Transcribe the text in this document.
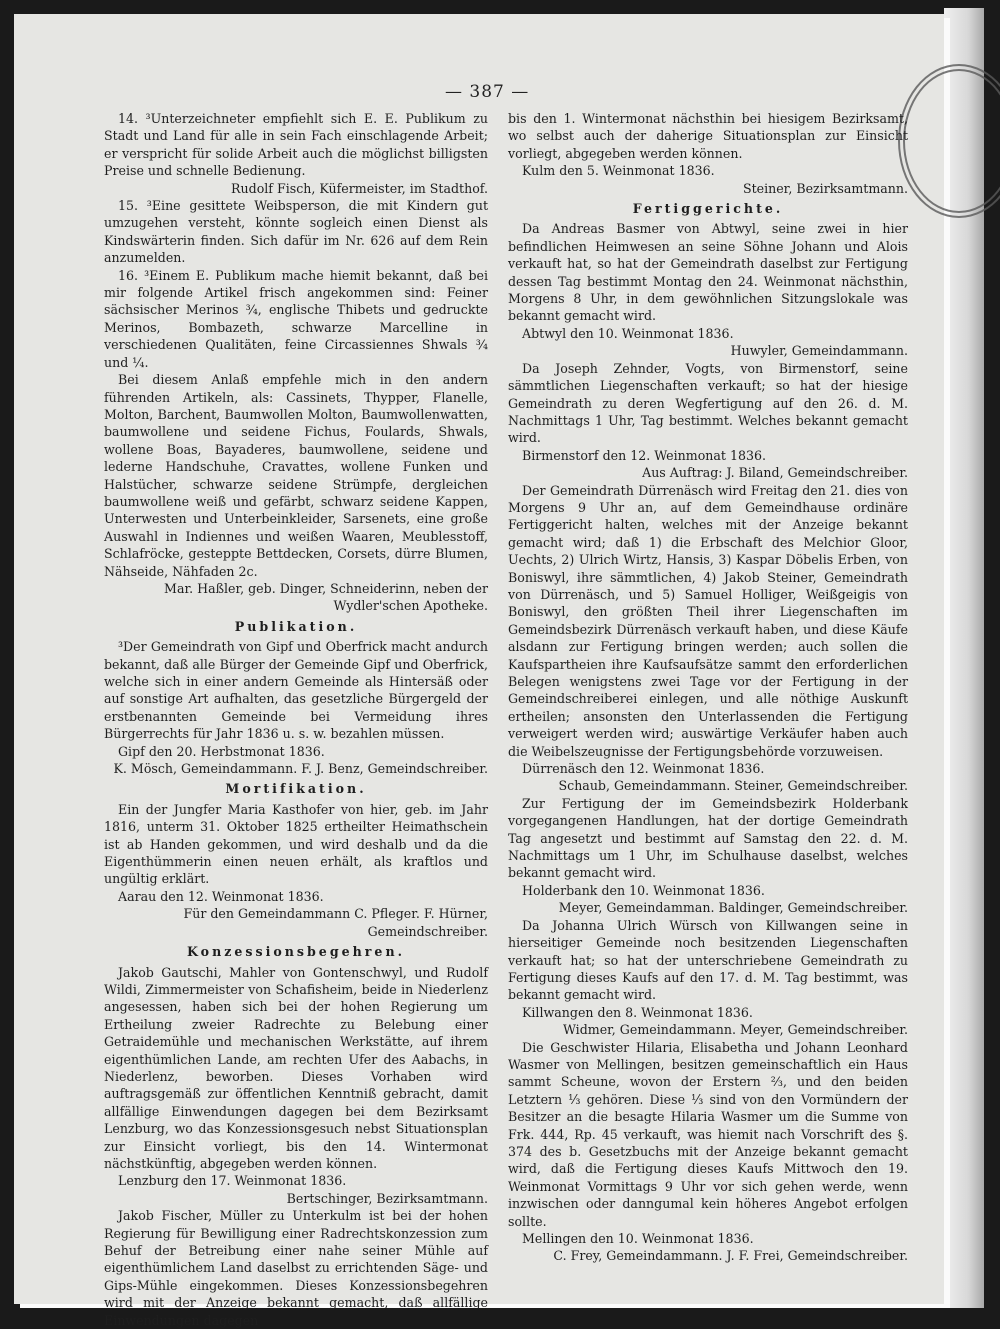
— 387 —

14. ³Unterzeichneter empfiehlt sich E. E. Publikum zu Stadt und Land für alle in sein Fach einschlagende Arbeit; er verspricht für solide Arbeit auch die möglichst billigsten Preise und schnelle Bedienung.

Rudolf Fisch, Küfermeister, im Stadthof.

15. ³Eine gesittete Weibsperson, die mit Kindern gut umzugehen versteht, könnte sogleich einen Dienst als Kindswärterin finden. Sich dafür im Nr. 626 auf dem Rein anzumelden.

16. ³Einem E. Publikum mache hiemit bekannt, daß bei mir folgende Artikel frisch angekommen sind: Feiner sächsischer Merinos ¾, englische Thibets und gedruckte Merinos, Bombazeth, schwarze Marcelline in verschiedenen Qualitäten, feine Circassiennes Shwals ¾ und ¼.

Bei diesem Anlaß empfehle mich in den andern führenden Artikeln, als: Cassinets, Thypper, Flanelle, Molton, Barchent, Baumwollen Molton, Baumwollenwatten, baumwollene und seidene Fichus, Foulards, Shwals, wollene Boas, Bayaderes, baumwollene, seidene und lederne Handschuhe, Cravattes, wollene Funken und Halstücher, schwarze seidene Strümpfe, dergleichen baumwollene weiß und gefärbt, schwarz seidene Kappen, Unterwesten und Unterbeinkleider, Sarsenets, eine große Auswahl in Indiennes und weißen Waaren, Meublesstoff, Schlafröcke, gesteppte Bettdecken, Corsets, dürre Blumen, Nähseide, Nähfaden 2c.

Mar. Haßler, geb. Dinger, Schneiderinn, neben der Wydler'schen Apotheke.

Publikation.

³Der Gemeindrath von Gipf und Oberfrick macht andurch bekannt, daß alle Bürger der Gemeinde Gipf und Oberfrick, welche sich in einer andern Gemeinde als Hintersäß oder auf sonstige Art aufhalten, das gesetzliche Bürgergeld der erstbenannten Gemeinde bei Vermeidung ihres Bürgerrechts für Jahr 1836 u. s. w. bezahlen müssen.

Gipf den 20. Herbstmonat 1836.

K. Mösch, Gemeindammann. F. J. Benz, Gemeindschreiber.

Mortifikation.

Ein der Jungfer Maria Kasthofer von hier, geb. im Jahr 1816, unterm 31. Oktober 1825 ertheilter Heimathschein ist ab Handen gekommen, und wird deshalb und da die Eigenthümmerin einen neuen erhält, als kraftlos und ungültig erklärt.

Aarau den 12. Weinmonat 1836.

Für den Gemeindammann C. Pfleger. F. Hürner, Gemeindschreiber.

Konzessionsbegehren.

Jakob Gautschi, Mahler von Gontenschwyl, und Rudolf Wildi, Zimmermeister von Schafisheim, beide in Niederlenz angesessen, haben sich bei der hohen Regierung um Ertheilung zweier Radrechte zu Belebung einer Getraidemühle und mechanischen Werkstätte, auf ihrem eigenthümlichen Lande, am rechten Ufer des Aabachs, in Niederlenz, beworben. Dieses Vorhaben wird auftragsgemäß zur öffentlichen Kenntniß gebracht, damit allfällige Einwendungen dagegen bei dem Bezirksamt Lenzburg, wo das Konzessionsgesuch nebst Situationsplan zur Einsicht vorliegt, bis den 14. Wintermonat nächstkünftig, abgegeben werden können.

Lenzburg den 17. Weinmonat 1836.

Bertschinger, Bezirksamtmann.

Jakob Fischer, Müller zu Unterkulm ist bei der hohen Regierung für Bewilligung einer Radrechtskonzession zum Behuf der Betreibung einer nahe seiner Mühle auf eigenthümlichem Land daselbst zu errichtenden Säge- und Gips-Mühle eingekommen. Dieses Konzessionsbegehren wird mit der Anzeige bekannt gemacht, daß allfällige Einwendungen dagegen

bis den 1. Wintermonat nächsthin bei hiesigem Bezirksamt, wo selbst auch der daherige Situationsplan zur Einsicht vorliegt, abgegeben werden können.

Kulm den 5. Weinmonat 1836.

Steiner, Bezirksamtmann.

Fertiggerichte.

Da Andreas Basmer von Abtwyl, seine zwei in hier befindlichen Heimwesen an seine Söhne Johann und Alois verkauft hat, so hat der Gemeindrath daselbst zur Fertigung dessen Tag bestimmt Montag den 24. Weinmonat nächsthin, Morgens 8 Uhr, in dem gewöhnlichen Sitzungslokale was bekannt gemacht wird.

Abtwyl den 10. Weinmonat 1836.

Huwyler, Gemeindammann.

Da Joseph Zehnder, Vogts, von Birmenstorf, seine sämmtlichen Liegenschaften verkauft; so hat der hiesige Gemeindrath zu deren Wegfertigung auf den 26. d. M. Nachmittags 1 Uhr, Tag bestimmt. Welches bekannt gemacht wird.

Birmenstorf den 12. Weinmonat 1836.

Aus Auftrag: J. Biland, Gemeindschreiber.

Der Gemeindrath Dürrenäsch wird Freitag den 21. dies von Morgens 9 Uhr an, auf dem Gemeindhause ordinäre Fertiggericht halten, welches mit der Anzeige bekannt gemacht wird; daß 1) die Erbschaft des Melchior Gloor, Uechts, 2) Ulrich Wirtz, Hansis, 3) Kaspar Döbelis Erben, von Boniswyl, ihre sämmtlichen, 4) Jakob Steiner, Gemeindrath von Dürrenäsch, und 5) Samuel Holliger, Weißgeigis von Boniswyl, den größten Theil ihrer Liegenschaften im Gemeindsbezirk Dürrenäsch verkauft haben, und diese Käufe alsdann zur Fertigung bringen werden; auch sollen die Kaufspartheien ihre Kaufsaufsätze sammt den erforderlichen Belegen wenigstens zwei Tage vor der Fertigung in der Gemeindschreiberei einlegen, und alle nöthige Auskunft ertheilen; ansonsten den Unterlassenden die Fertigung verweigert werden wird; auswärtige Verkäufer haben auch die Weibelszeugnisse der Fertigungsbehörde vorzuweisen.

Dürrenäsch den 12. Weinmonat 1836.

Schaub, Gemeindammann. Steiner, Gemeindschreiber.

Zur Fertigung der im Gemeindsbezirk Holderbank vorgegangenen Handlungen, hat der dortige Gemeindrath Tag angesetzt und bestimmt auf Samstag den 22. d. M. Nachmittags um 1 Uhr, im Schulhause daselbst, welches bekannt gemacht wird.

Holderbank den 10. Weinmonat 1836.

Meyer, Gemeindamman. Baldinger, Gemeindschreiber.

Da Johanna Ulrich Würsch von Killwangen seine in hierseitiger Gemeinde noch besitzenden Liegenschaften verkauft hat; so hat der unterschriebene Gemeindrath zu Fertigung dieses Kaufs auf den 17. d. M. Tag bestimmt, was bekannt gemacht wird.

Killwangen den 8. Weinmonat 1836.

Widmer, Gemeindammann. Meyer, Gemeindschreiber.

Die Geschwister Hilaria, Elisabetha und Johann Leonhard Wasmer von Mellingen, besitzen gemeinschaftlich ein Haus sammt Scheune, wovon der Erstern ⅔, und den beiden Letztern ⅓ gehören. Diese ⅓ sind von den Vormündern der Besitzer an die besagte Hilaria Wasmer um die Summe von Frk. 444, Rp. 45 verkauft, was hiemit nach Vorschrift des §. 374 des b. Gesetzbuchs mit der Anzeige bekannt gemacht wird, daß die Fertigung dieses Kaufs Mittwoch den 19. Weinmonat Vormittags 9 Uhr vor sich gehen werde, wenn inzwischen oder danngumal kein höheres Angebot erfolgen sollte.

Mellingen den 10. Weinmonat 1836.

C. Frey, Gemeindammann. J. F. Frei, Gemeindschreiber.
